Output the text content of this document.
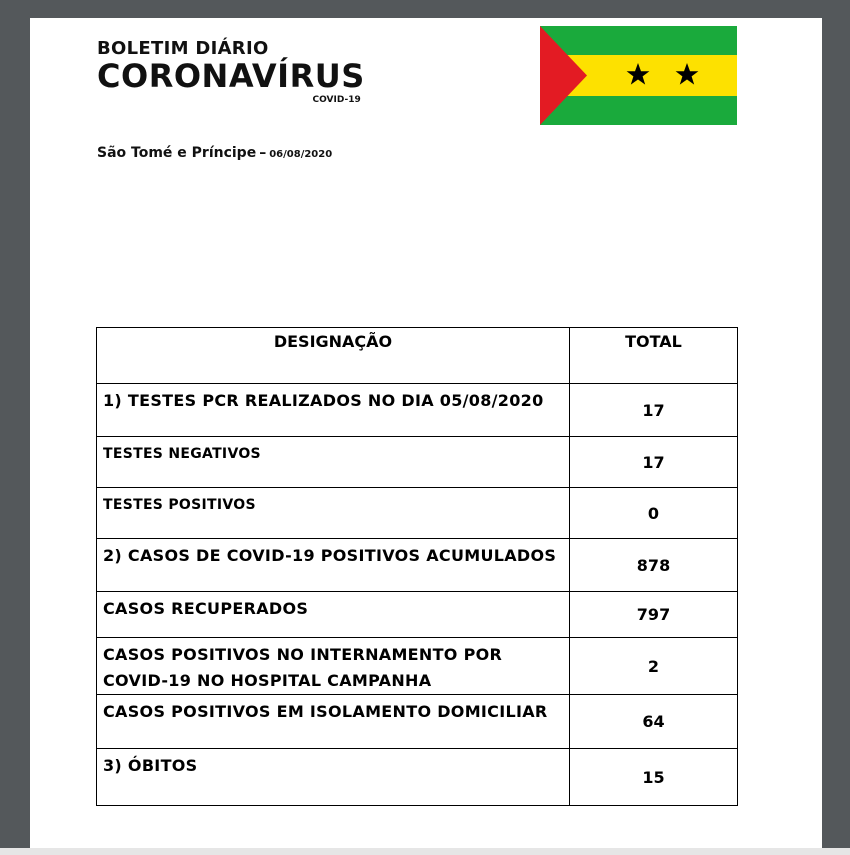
BOLETIM DIÁRIO
CORONAVÍRUS
COVID-19
São Tomé e Príncipe – 06/08/2020
DESIGNAÇÃO	TOTAL
1) TESTES PCR REALIZADOS NO DIA 05/08/2020	17
TESTES NEGATIVOS	17
TESTES POSITIVOS	0
2) CASOS DE COVID-19 POSITIVOS ACUMULADOS	878
CASOS RECUPERADOS	797
CASOS POSITIVOS NO INTERNAMENTO POR COVID-19 NO HOSPITAL CAMPANHA	2
CASOS POSITIVOS EM ISOLAMENTO DOMICILIAR	64
3) ÓBITOS	15
